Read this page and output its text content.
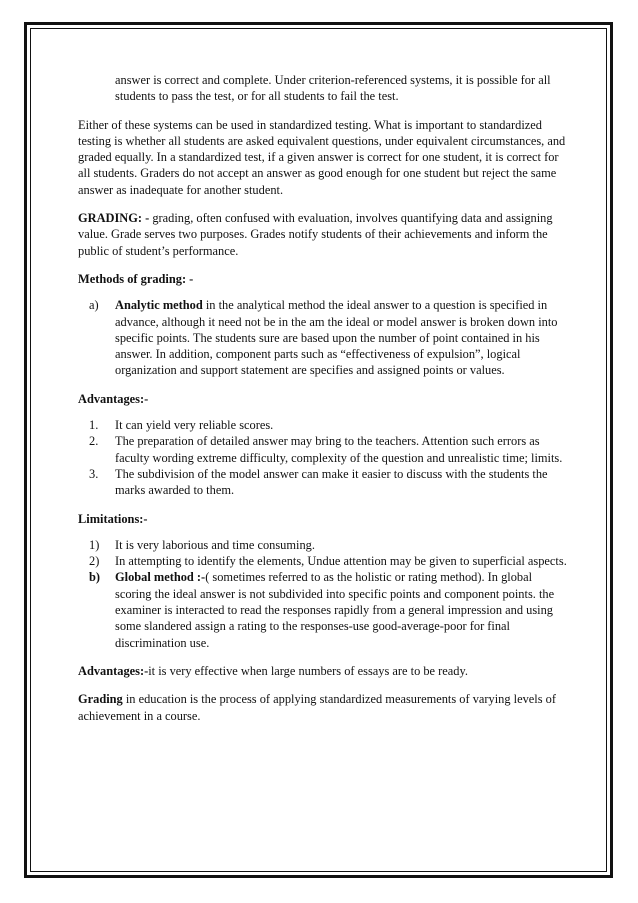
answer is correct and complete. Under criterion-referenced systems, it is possible for all students to pass the test, or for all students to fail the test.

Either of these systems can be used in standardized testing. What is important to standardized testing is whether all students are asked equivalent questions, under equivalent circumstances, and graded equally. In a standardized test, if a given answer is correct for one student, it is correct for all students. Graders do not accept an answer as good enough for one student but reject the same answer as inadequate for another student.

GRADING: - grading, often confused with evaluation, involves quantifying data and assigning value. Grade serves two purposes. Grades notify students of their achievements and inform the public of student’s performance.

Methods of grading: -

a) Analytic method in the analytical method the ideal answer to a question is specified in advance, although it need not be in the am the ideal or model answer is broken down into specific points. The students sure are based upon the number of point contained in his answer. In addition, component parts such as “effectiveness of expulsion”, logical organization and support statement are specifies and assigned points or values.

Advantages:-

1. It can yield very reliable scores.
2. The preparation of detailed answer may bring to the teachers. Attention such errors as faculty wording extreme difficulty, complexity of the question and unrealistic time; limits.
3. The subdivision of the model answer can make it easier to discuss with the students the marks awarded to them.

Limitations:-

1) It is very laborious and time consuming.
2) In attempting to identify the elements, Undue attention may be given to superficial aspects.
b) Global method :-( sometimes referred to as the holistic or rating method). In global scoring the ideal answer is not subdivided into specific points and component points. the examiner is interacted to read the responses rapidly from a general impression and using some slandered assign a rating to the responses-use good-average-poor for final discrimination use.

Advantages:-it is very effective when large numbers of essays are to be ready.

Grading in education is the process of applying standardized measurements of varying levels of achievement in a course.
